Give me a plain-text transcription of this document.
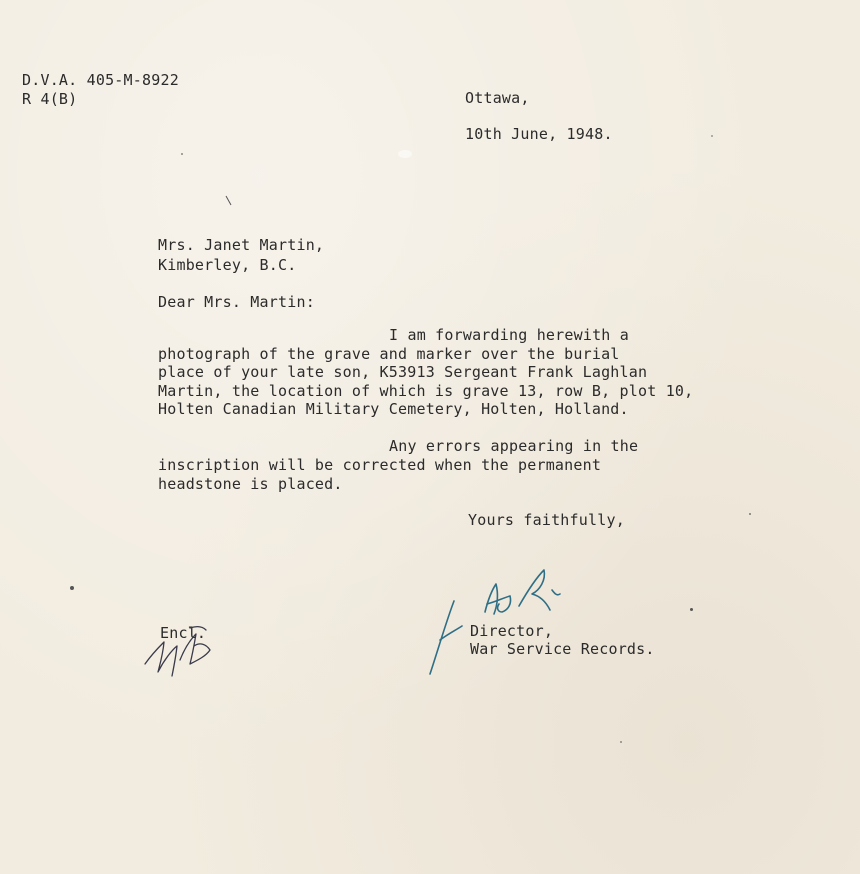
D.V.A. 405-M-8922

R 4(B)	Ottawa,

10th June, 1948.

Mrs. Janet Martin,

Kimberley, B.C.

Dear Mrs. Martin:

I am forwarding herewith a

photograph of the grave and marker over the burial

place of your late son, K53913 Sergeant Frank Laghlan

Martin, the location of which is grave 13, row B, plot 10,

Holten Canadian Military Cemetery, Holten, Holland.

Any errors appearing in the

inscription will be corrected when the permanent

headstone is placed.

Yours faithfully,

Encl.	Director,

War Service Records.
